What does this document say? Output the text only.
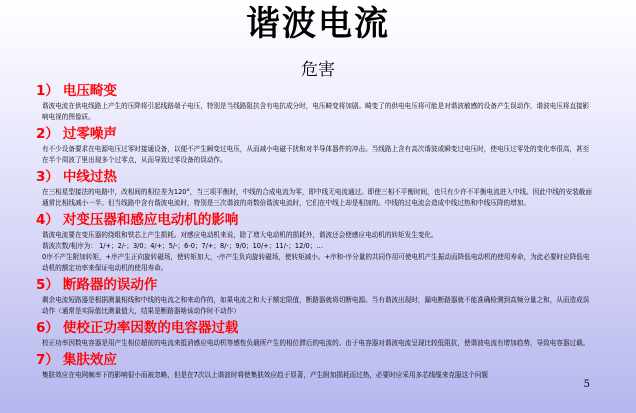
谐波电流
危害
1） 电压畸变
谐波电流在供电线路上产生的压降将引起线路端子电压，特别是当线路阻抗含有电抗成分时，电压畸变将加剧。畸变了的供电电压将可能是对谐波敏感的设备产生误动作，谐波电压将直接影响电视的图像质。
2） 过零噪声
有不少设备要求在电源电压过零时接通设备，以便不产生瞬变过电压，从而减小电磁干扰和对半导体器件的冲击。当线路上含有高次谐波或瞬变过电压时，使电压过零处的变化率很高，甚至在半个周波了里出现多个过零点，从而导致过零设备的误动作。
3） 中线过热
在三相星型接法的电路中，改相间的相位差为120°，当三项平衡时，中线的合成电流为零，即中线无电流通过。即使三相不平衡时间，也只有少许不平衡电流进入中线。因此中线的安装截面通常比相线减小一半。但当线路中含有谐波电流时，特别是三次谐波的奇数倍谐波电流时，它们在中线上却是相加的。中线的过电流会造成中线过热和中线压降的增加。
4） 对变压器和感应电动机的影响
谐波电流要在变压器的绕组和铁芯上产生损耗。对感应电动机来说，除了增大电动机的损耗外，谐波还会使感应电动机的转矩发生变化。
谐波次数/相序为： 1/+；2/-；3/0；4/+；5/-；6-0；7/+；8/-；9/0；10/+；11/-；12/0；…
0序不产生附加转矩，+序产生正向旋转磁场，使转矩加大，-序产生负向旋转磁场，使转矩减小。+序和-序分量的共同作用可使电机产生振动而降低电动机的使用寿命，为此必要时应降低电动机的额定功率来保证电动机的使用寿命。
5） 断路器的误动作
剩余电流短路器是根据测量相线和中线的电流之和来动作的，如果电流之和大于额定限值，断路器就将切断电源。当有谐波出现时，漏电断路器就不能准确检测到高频分量之和，从而造成误动作（通常是实际值比测量值大，结果是断路器啥该动作时不动作）
6） 使校正功率因数的电容器过载
校正功率因数电容器是用产生相位超前的电流来抵消感应电动机等感性负载所产生的相位滞后的电流的。由于电容器对谐波电流呈现比较低阻抗，使谐波电流有增加趋势，导致电容器过载。
7） 集肤效应
集肤效应在电网频率下的影响很小而被忽略，但是在7次以上谐波时将使集肤效应趋于显著，产生附加损耗而过热，必要时应采用多芯线缆来克服这个问题
5
